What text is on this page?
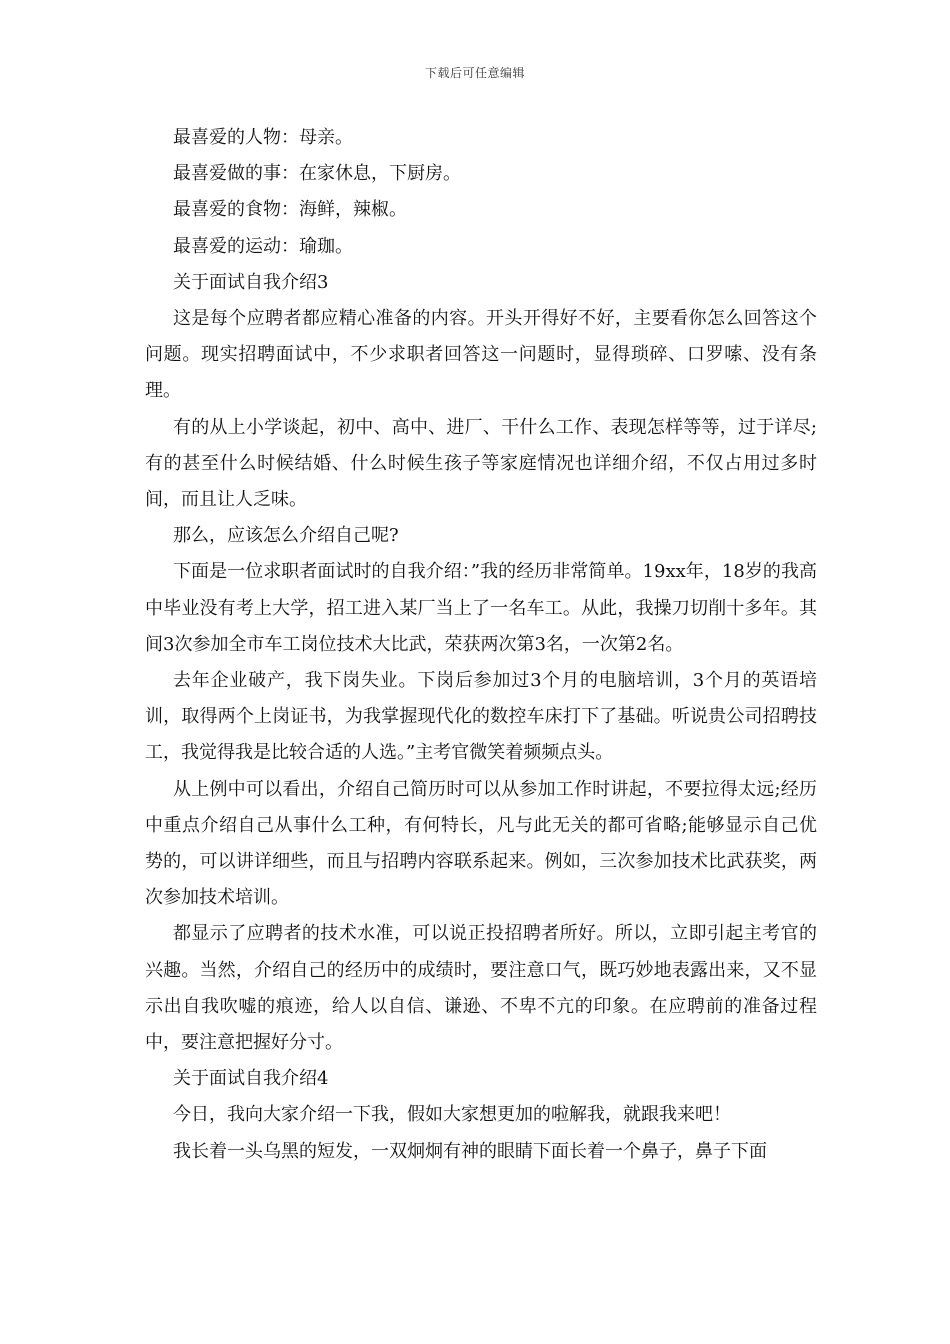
下载后可任意编辑

最喜爱的人物：母亲。

最喜爱做的事：在家休息，下厨房。

最喜爱的食物：海鲜，辣椒。

最喜爱的运动：瑜珈。

关于面试自我介绍3

这是每个应聘者都应精心准备的内容。开头开得好不好，主要看你怎么回答这个问题。现实招聘面试中，不少求职者回答这一问题时，显得琐碎、口罗嗦、没有条理。

有的从上小学谈起，初中、高中、进厂、干什么工作、表现怎样等等，过于详尽;有的甚至什么时候结婚、什么时候生孩子等家庭情况也详细介绍，不仅占用过多时间，而且让人乏味。

那么，应该怎么介绍自己呢?

下面是一位求职者面试时的自我介绍：”我的经历非常简单。19xx年，18岁的我高中毕业没有考上大学，招工进入某厂当上了一名车工。从此，我操刀切削十多年。其间3次参加全市车工岗位技术大比武，荣获两次第3名，一次第2名。

去年企业破产，我下岗失业。下岗后参加过3个月的电脑培训，3个月的英语培训，取得两个上岗证书，为我掌握现代化的数控车床打下了基础。听说贵公司招聘技工，我觉得我是比较合适的人选。”主考官微笑着频频点头。

从上例中可以看出，介绍自己简历时可以从参加工作时讲起，不要拉得太远;经历中重点介绍自己从事什么工种，有何特长，凡与此无关的都可省略;能够显示自己优势的，可以讲详细些，而且与招聘内容联系起来。例如，三次参加技术比武获奖，两次参加技术培训。

都显示了应聘者的技术水准，可以说正投招聘者所好。所以，立即引起主考官的兴趣。当然，介绍自己的经历中的成绩时，要注意口气，既巧妙地表露出来，又不显示出自我吹嘘的痕迹，给人以自信、谦逊、不卑不亢的印象。在应聘前的准备过程中，要注意把握好分寸。

关于面试自我介绍4

今日，我向大家介绍一下我，假如大家想更加的啦解我，就跟我来吧！

我长着一头乌黑的短发，一双炯炯有神的眼睛下面长着一个鼻子，鼻子下面
